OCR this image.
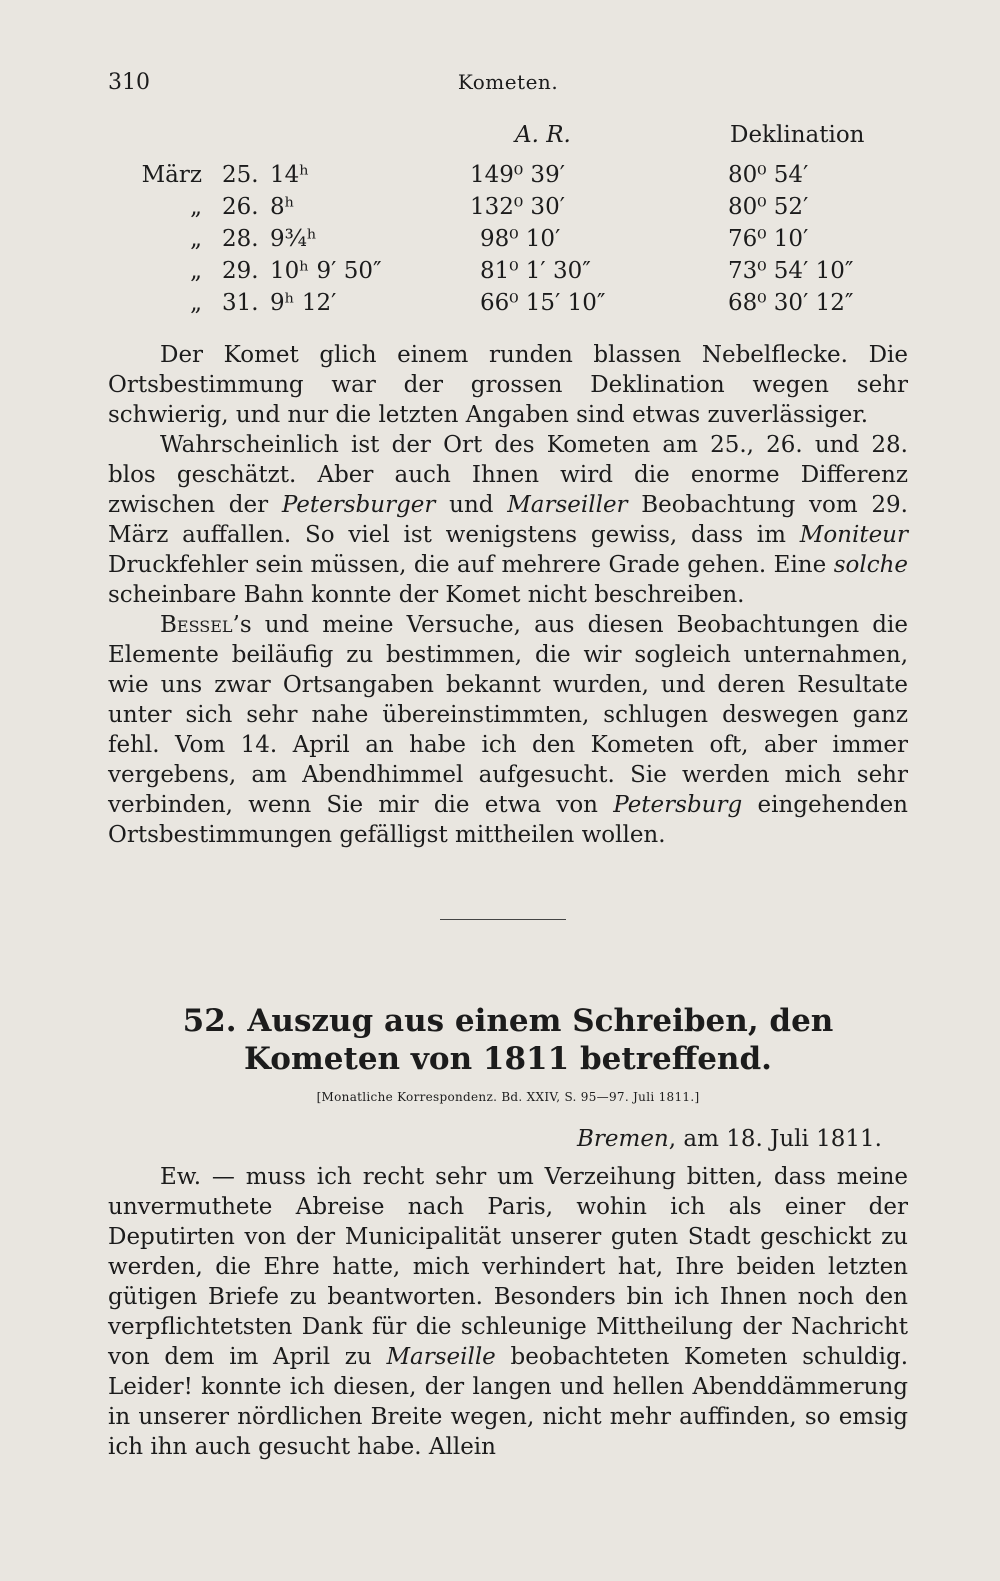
310	Kometen.
A. R.	Deklination
März 25. 14ʰ	149⁰ 39′	80⁰ 54′
„ 26. 8ʰ	132⁰ 30′	80⁰ 52′
„ 28. 9¾ʰ	98⁰ 10′	76⁰ 10′
„ 29. 10ʰ 9′ 50″	81⁰ 1′ 30″	73⁰ 54′ 10″
„ 31. 9ʰ 12′	66⁰ 15′ 10″	68⁰ 30′ 12″

Der Komet glich einem runden blassen Nebelflecke. Die Ortsbestimmung war der grossen Deklination wegen sehr schwierig, und nur die letzten Angaben sind etwas zuverlässiger.

Wahrscheinlich ist der Ort des Kometen am 25., 26. und 28. blos geschätzt. Aber auch Ihnen wird die enorme Differenz zwischen der Petersburger und Marseiller Beobachtung vom 29. März auffallen. So viel ist wenigstens gewiss, dass im Moniteur Druckfehler sein müssen, die auf mehrere Grade gehen. Eine solche scheinbare Bahn konnte der Komet nicht beschreiben.

Bessel’s und meine Versuche, aus diesen Beobachtungen die Elemente beiläufig zu bestimmen, die wir sogleich unternahmen, wie uns zwar Ortsangaben bekannt wurden, und deren Resultate unter sich sehr nahe übereinstimmten, schlugen deswegen ganz fehl. Vom 14. April an habe ich den Kometen oft, aber immer vergebens, am Abendhimmel aufgesucht. Sie werden mich sehr verbinden, wenn Sie mir die etwa von Petersburg eingehenden Ortsbestimmungen gefälligst mittheilen wollen.

52. Auszug aus einem Schreiben, den Kometen von 1811 betreffend.
[Monatliche Korrespondenz. Bd. XXIV, S. 95—97. Juli 1811.]
Bremen, am 18. Juli 1811.

Ew. — muss ich recht sehr um Verzeihung bitten, dass meine unvermuthete Abreise nach Paris, wohin ich als einer der Deputirten von der Municipalität unserer guten Stadt geschickt zu werden, die Ehre hatte, mich verhindert hat, Ihre beiden letzten gütigen Briefe zu beantworten. Besonders bin ich Ihnen noch den verpflichtetsten Dank für die schleunige Mittheilung der Nachricht von dem im April zu Marseille beobachteten Kometen schuldig. Leider! konnte ich diesen, der langen und hellen Abenddämmerung in unserer nördlichen Breite wegen, nicht mehr auffinden, so emsig ich ihn auch gesucht habe. Allein
